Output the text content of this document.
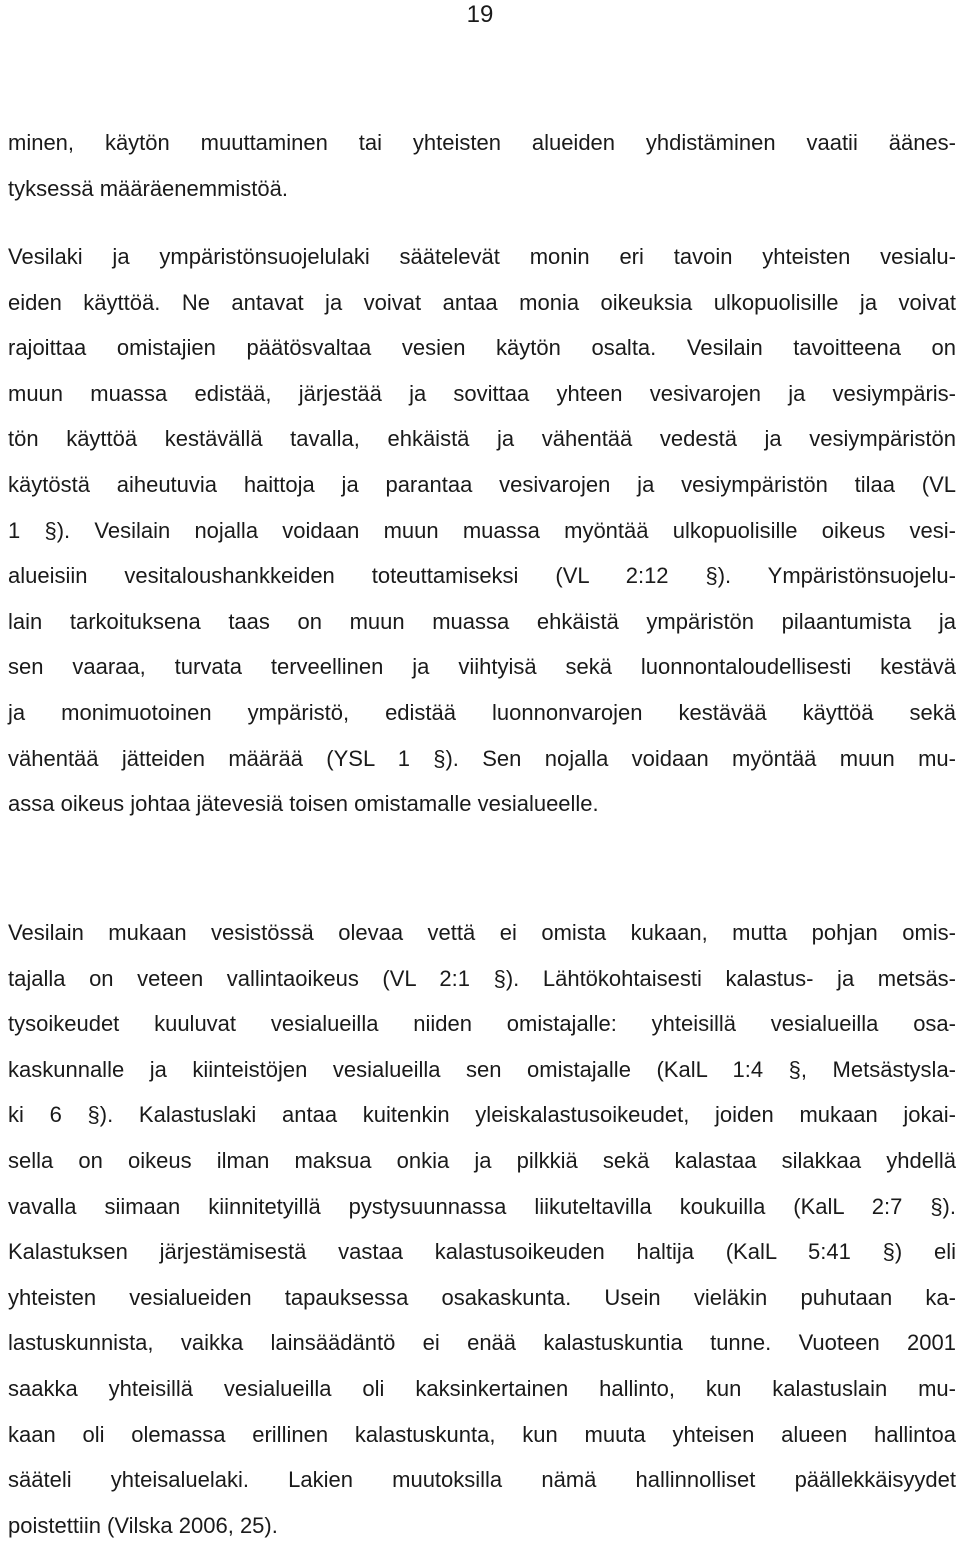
19

minen, käytön muuttaminen tai yhteisten alueiden yhdistäminen vaatii äänes-
tyksessä määräenemmistöä.

Vesilaki ja ympäristönsuojelulaki säätelevät monin eri tavoin yhteisten vesialu-
eiden käyttöä. Ne antavat ja voivat antaa monia oikeuksia ulkopuolisille ja voivat
rajoittaa omistajien päätösvaltaa vesien käytön osalta. Vesilain tavoitteena on
muun muassa edistää, järjestää ja sovittaa yhteen vesivarojen ja vesiympäris-
tön käyttöä kestävällä tavalla, ehkäistä ja vähentää vedestä ja vesiympäristön
käytöstä aiheutuvia haittoja ja parantaa vesivarojen ja vesiympäristön tilaa (VL
1 §). Vesilain nojalla voidaan muun muassa myöntää ulkopuolisille oikeus vesi-
alueisiin vesitaloushankkeiden toteuttamiseksi (VL 2:12 §). Ympäristönsuojelu-
lain tarkoituksena taas on muun muassa ehkäistä ympäristön pilaantumista ja
sen vaaraa, turvata terveellinen ja viihtyisä sekä luonnontaloudellisesti kestävä
ja monimuotoinen ympäristö, edistää luonnonvarojen kestävää käyttöä sekä
vähentää jätteiden määrää (YSL 1 §). Sen nojalla voidaan myöntää muun mu-
assa oikeus johtaa jätevesiä toisen omistamalle vesialueelle.

Vesilain mukaan vesistössä olevaa vettä ei omista kukaan, mutta pohjan omis-
tajalla on veteen vallintaoikeus (VL 2:1 §). Lähtökohtaisesti kalastus- ja metsäs-
tysoikeudet kuuluvat vesialueilla niiden omistajalle: yhteisillä vesialueilla osa-
kaskunnalle ja kiinteistöjen vesialueilla sen omistajalle (KalL 1:4 §, Metsästysla-
ki 6 §). Kalastuslaki antaa kuitenkin yleiskalastusoikeudet, joiden mukaan jokai-
sella on oikeus ilman maksua onkia ja pilkkiä sekä kalastaa silakkaa yhdellä
vavalla siimaan kiinnitetyillä pystysuunnassa liikuteltavilla koukuilla (KalL 2:7 §).
Kalastuksen järjestämisestä vastaa kalastusoikeuden haltija (KalL 5:41 §) eli
yhteisten vesialueiden tapauksessa osakaskunta. Usein vieläkin puhutaan ka-
lastuskunnista, vaikka lainsäädäntö ei enää kalastuskuntia tunne. Vuoteen 2001
saakka yhteisillä vesialueilla oli kaksinkertainen hallinto, kun kalastuslain mu-
kaan oli olemassa erillinen kalastuskunta, kun muuta yhteisen alueen hallintoa
sääteli yhteisaluelaki. Lakien muutoksilla nämä hallinnolliset päällekkäisyydet
poistettiin (Vilska 2006, 25).
